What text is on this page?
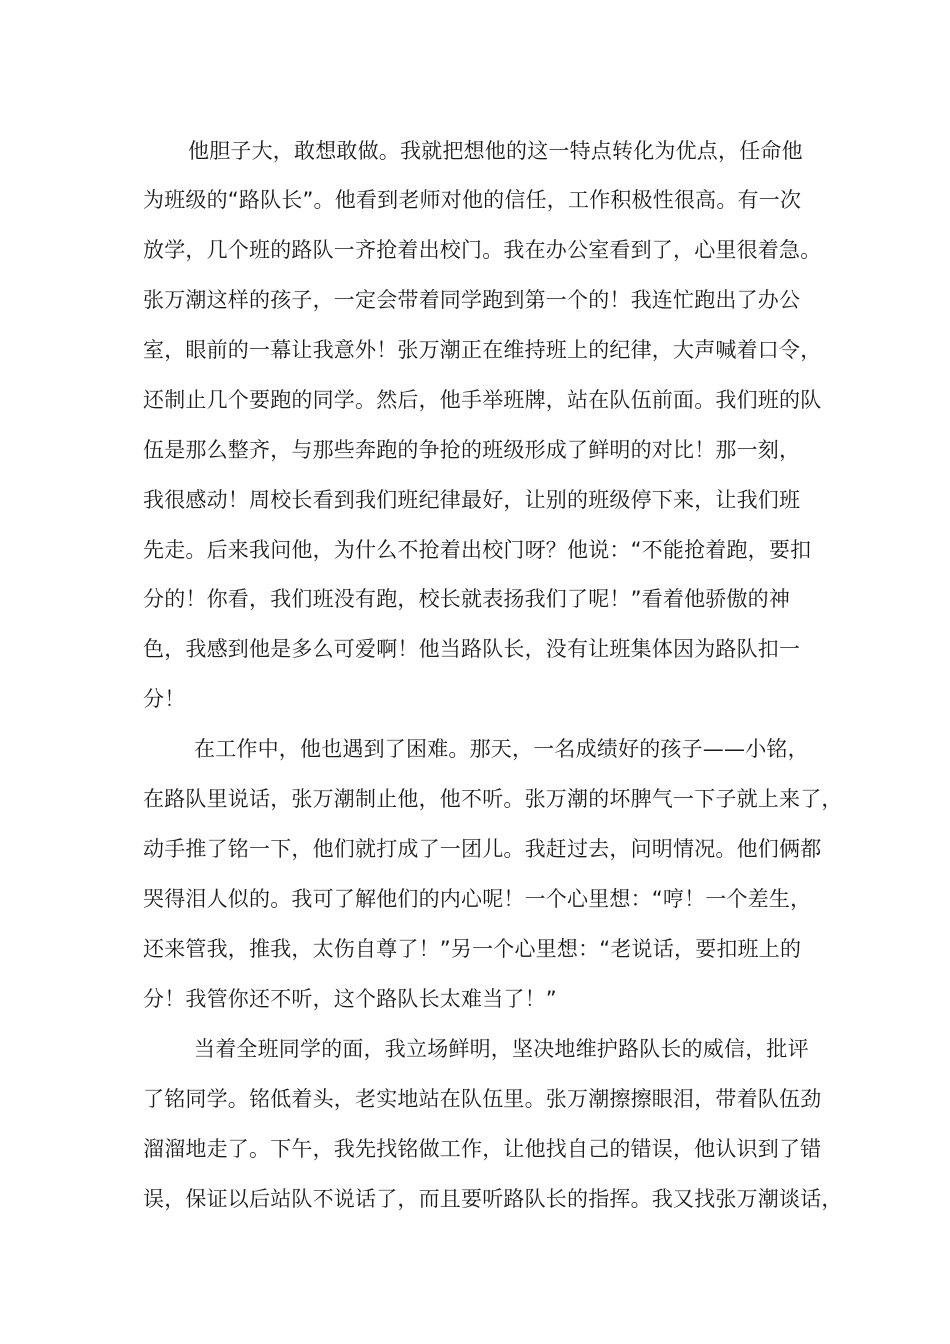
他胆子大，敢想敢做。我就把想他的这一特点转化为优点，任命他
为班级的“路队长”。他看到老师对他的信任，工作积极性很高。有一次
放学，几个班的路队一齐抢着出校门。我在办公室看到了，心里很着急。
张万潮这样的孩子，一定会带着同学跑到第一个的！我连忙跑出了办公
室，眼前的一幕让我意外！张万潮正在维持班上的纪律，大声喊着口令，
还制止几个要跑的同学。然后，他手举班牌，站在队伍前面。我们班的队
伍是那么整齐，与那些奔跑的争抢的班级形成了鲜明的对比！那一刻，
我很感动！周校长看到我们班纪律最好，让别的班级停下来，让我们班
先走。后来我问他，为什么不抢着出校门呀？他说：“不能抢着跑，要扣
分的！你看，我们班没有跑，校长就表扬我们了呢！”看着他骄傲的神
色，我感到他是多么可爱啊！他当路队长，没有让班集体因为路队扣一
分！
在工作中，他也遇到了困难。那天，一名成绩好的孩子——小铭，
在路队里说话，张万潮制止他，他不听。张万潮的坏脾气一下子就上来了，
动手推了铭一下，他们就打成了一团儿。我赶过去，问明情况。他们俩都
哭得泪人似的。我可了解他们的内心呢！一个心里想：“哼！一个差生，
还来管我，推我，太伤自尊了！”另一个心里想：“老说话，要扣班上的
分！我管你还不听，这个路队长太难当了！”
当着全班同学的面，我立场鲜明，坚决地维护路队长的威信，批评
了铭同学。铭低着头，老实地站在队伍里。张万潮擦擦眼泪，带着队伍劲
溜溜地走了。下午，我先找铭做工作，让他找自己的错误，他认识到了错
误，保证以后站队不说话了，而且要听路队长的指挥。我又找张万潮谈话，
